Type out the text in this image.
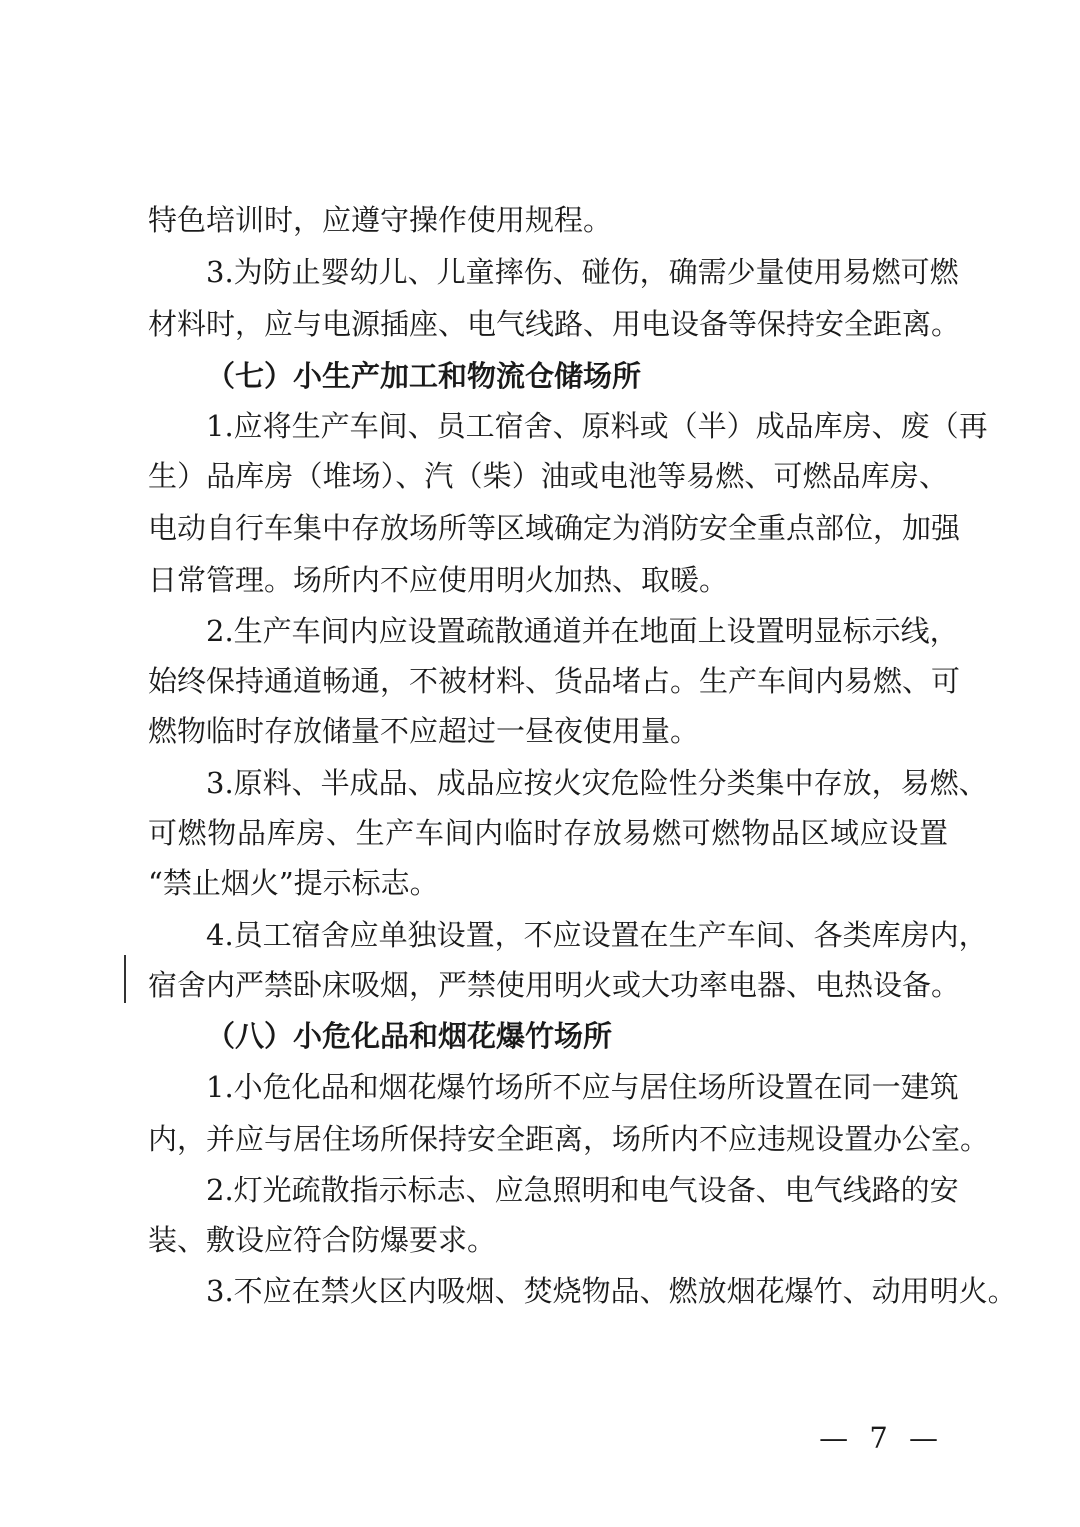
特色培训时，应遵守操作使用规程。
3.为防止婴幼儿、儿童摔伤、碰伤，确需少量使用易燃可燃
材料时，应与电源插座、电气线路、用电设备等保持安全距离。
（七）小生产加工和物流仓储场所
1.应将生产车间、员工宿舍、原料或（半）成品库房、废（再
生）品库房（堆场）、汽（柴）油或电池等易燃、可燃品库房、
电动自行车集中存放场所等区域确定为消防安全重点部位，加强
日常管理。场所内不应使用明火加热、取暖。
2.生产车间内应设置疏散通道并在地面上设置明显标示线，
始终保持通道畅通，不被材料、货品堵占。生产车间内易燃、可
燃物临时存放储量不应超过一昼夜使用量。
3.原料、半成品、成品应按火灾危险性分类集中存放，易燃、
可燃物品库房、生产车间内临时存放易燃可燃物品区域应设置
“禁止烟火”提示标志。
4.员工宿舍应单独设置，不应设置在生产车间、各类库房内，
宿舍内严禁卧床吸烟，严禁使用明火或大功率电器、电热设备。
（八）小危化品和烟花爆竹场所
1.小危化品和烟花爆竹场所不应与居住场所设置在同一建筑
内，并应与居住场所保持安全距离，场所内不应违规设置办公室。
2.灯光疏散指示标志、应急照明和电气设备、电气线路的安
装、敷设应符合防爆要求。
3.不应在禁火区内吸烟、焚烧物品、燃放烟花爆竹、动用明火。
— 7 —
